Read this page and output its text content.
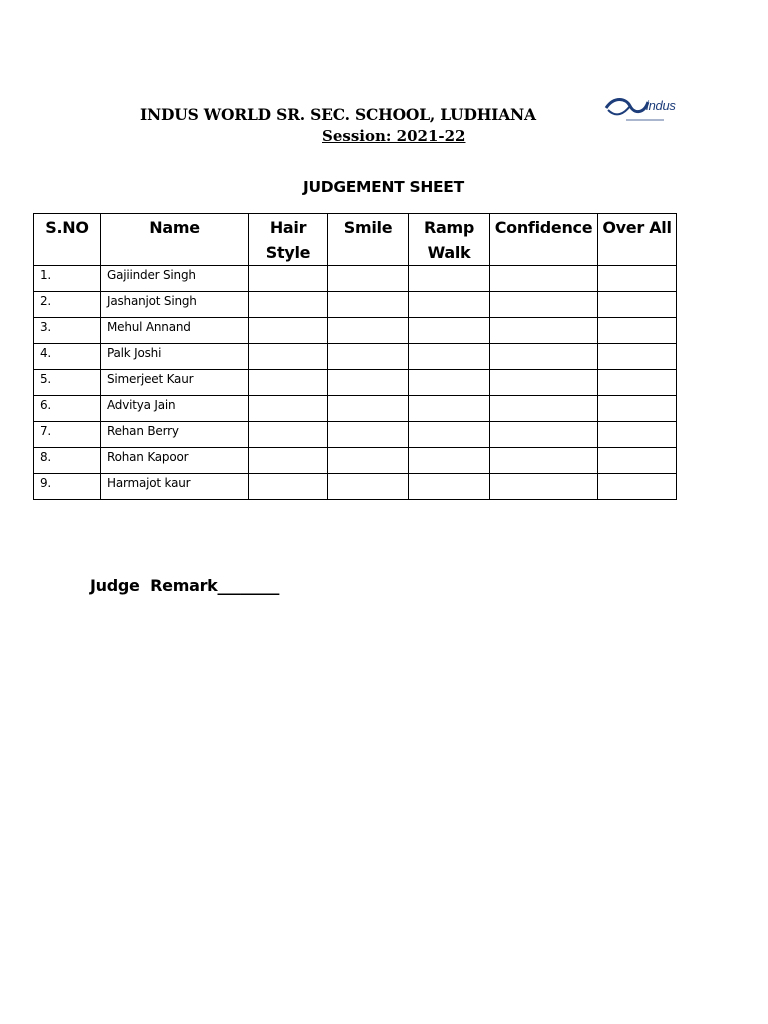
INDUS WORLD SR. SEC. SCHOOL, LUDHIANA
Session: 2021-22
indus
JUDGEMENT SHEET
S.NO	Name	Hair Style	Smile	Ramp Walk	Confidence	Over All
1.	Gajiinder Singh					
2.	Jashanjot Singh					
3.	Mehul Annand					
4.	Palk Joshi					
5.	Simerjeet Kaur					
6.	Advitya Jain					
7.	Rehan Berry					
8.	Rohan Kapoor					
9.	Harmajot kaur					
Judge  Remark________
